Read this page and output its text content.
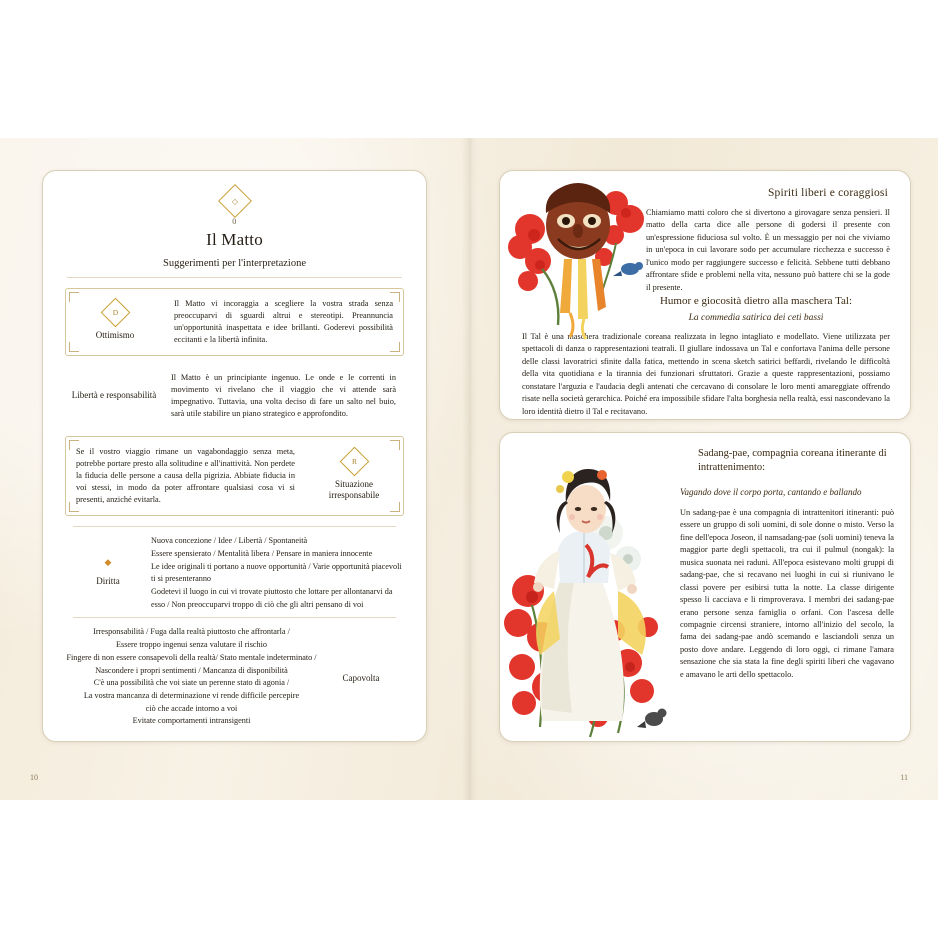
◇
0
Il Matto
Suggerimenti per l'interpretazione
D
Ottimismo
Il Matto vi incoraggia a scegliere la vostra strada senza preoccuparvi di sguardi altrui e stereotipi. Preannuncia un'opportunità inaspettata e idee brillanti. Goderevi possibilità eccitanti e la libertà infinita.
Libertà e responsabilità
Il Matto è un principiante ingenuo. Le onde e le correnti in movimento vi rivelano che il viaggio che vi attende sarà impegnativo. Tuttavia, una volta deciso di fare un salto nel buio, sarà utile stabilire un piano strategico e approfondito.
Se il vostro viaggio rimane un vagabondaggio senza meta, potrebbe portare presto alla solitudine e all'inattività. Non perdete la fiducia delle persone a causa della pigrizia. Abbiate fiducia in voi stessi, in modo da poter affrontare qualsiasi cosa vi si presenti, anziché evitarla.
R
Situazione irresponsabile
◆
Diritta
Nuova concezione / Idee / Libertà / Spontaneità
Essere spensierato / Mentalità libera / Pensare in maniera innocente
Le idee originali ti portano a nuove opportunità / Varie opportunità piacevoli ti si presenteranno
Godetevi il luogo in cui vi trovate piuttosto che lottare per allontanarvi da esso / Non preoccuparvi troppo di ciò che gli altri pensano di voi
Irresponsabilità / Fuga dalla realtà piuttosto che affrontarla /
Essere troppo ingenui senza valutare il rischio
Fingere di non essere consapevoli della realtà/ Stato mentale indeterminato /
Nascondere i propri sentimenti / Mancanza di disponibilità
C'è una possibilità che voi siate un perenne stato di agonia /
La vostra mancanza di determinazione vi rende difficile percepire
ciò che accade intorno a voi
Evitate comportamenti intransigenti
Capovolta
10
Spiriti liberi e coraggiosi
Chiamiamo matti coloro che si divertono a girovagare senza pensieri. Il matto della carta dice alle persone di godersi il presente con un'espressione fiduciosa sul volto. È un messaggio per noi che viviamo in un'epoca in cui lavorare sodo per accumulare ricchezza e successo è l'unico modo per raggiungere successo e felicità. Sebbene tutti debbano affrontare sfide e problemi nella vita, nessuno può battere chi se la gode il presente.
Humor e giocosità dietro alla maschera Tal:
La commedia satirica dei ceti bassi
Il Tal è una maschera tradizionale coreana realizzata in legno intagliato e modellato. Viene utilizzata per spettacoli di danza o rappresentazioni teatrali. Il giullare indossava un Tal e confortava l'anima delle persone delle classi lavoratrici sfinite dalla fatica, mettendo in scena sketch satirici beffardi, rivelando le difficoltà della vita quotidiana e la tirannia dei funzionari sfruttatori. Grazie a queste rappresentazioni, possiamo constatare l'arguzia e l'audacia degli antenati che cercavano di consolare le loro menti amareggiate offrendo risate nella società gerarchica. Poiché era impossibile sfidare l'alta borghesia nella realtà, essi nascondevano la loro identità dietro il Tal e recitavano.
Sadang-pae, compagnia coreana itinerante di intrattenimento:
Vagando dove il corpo porta, cantando e ballando
Un sadang-pae è una compagnia di intrattenitori itineranti: può essere un gruppo di soli uomini, di sole donne o misto. Verso la fine dell'epoca Joseon, il namsadang-pae (soli uomini) teneva la maggior parte degli spettacoli, tra cui il pulmul (nongak): la musica suonata nei raduni. All'epoca esistevano molti gruppi di sadang-pae, che si recavano nei luoghi in cui si riunivano le classi povere per esibirsi tutta la notte. La classe dirigente spesso li cacciava e li rimproverava. I membri dei sadang-pae erano persone senza famiglia o orfani. Con l'ascesa delle compagnie circensi straniere, intorno all'inizio del secolo, la fama dei sadang-pae andò scemando e lasciandoli senza un posto dove andare. Leggendo di loro oggi, ci rimane l'amara sensazione che sia stata la fine degli spiriti liberi che vagavano e amavano le arti dello spettacolo.
11
